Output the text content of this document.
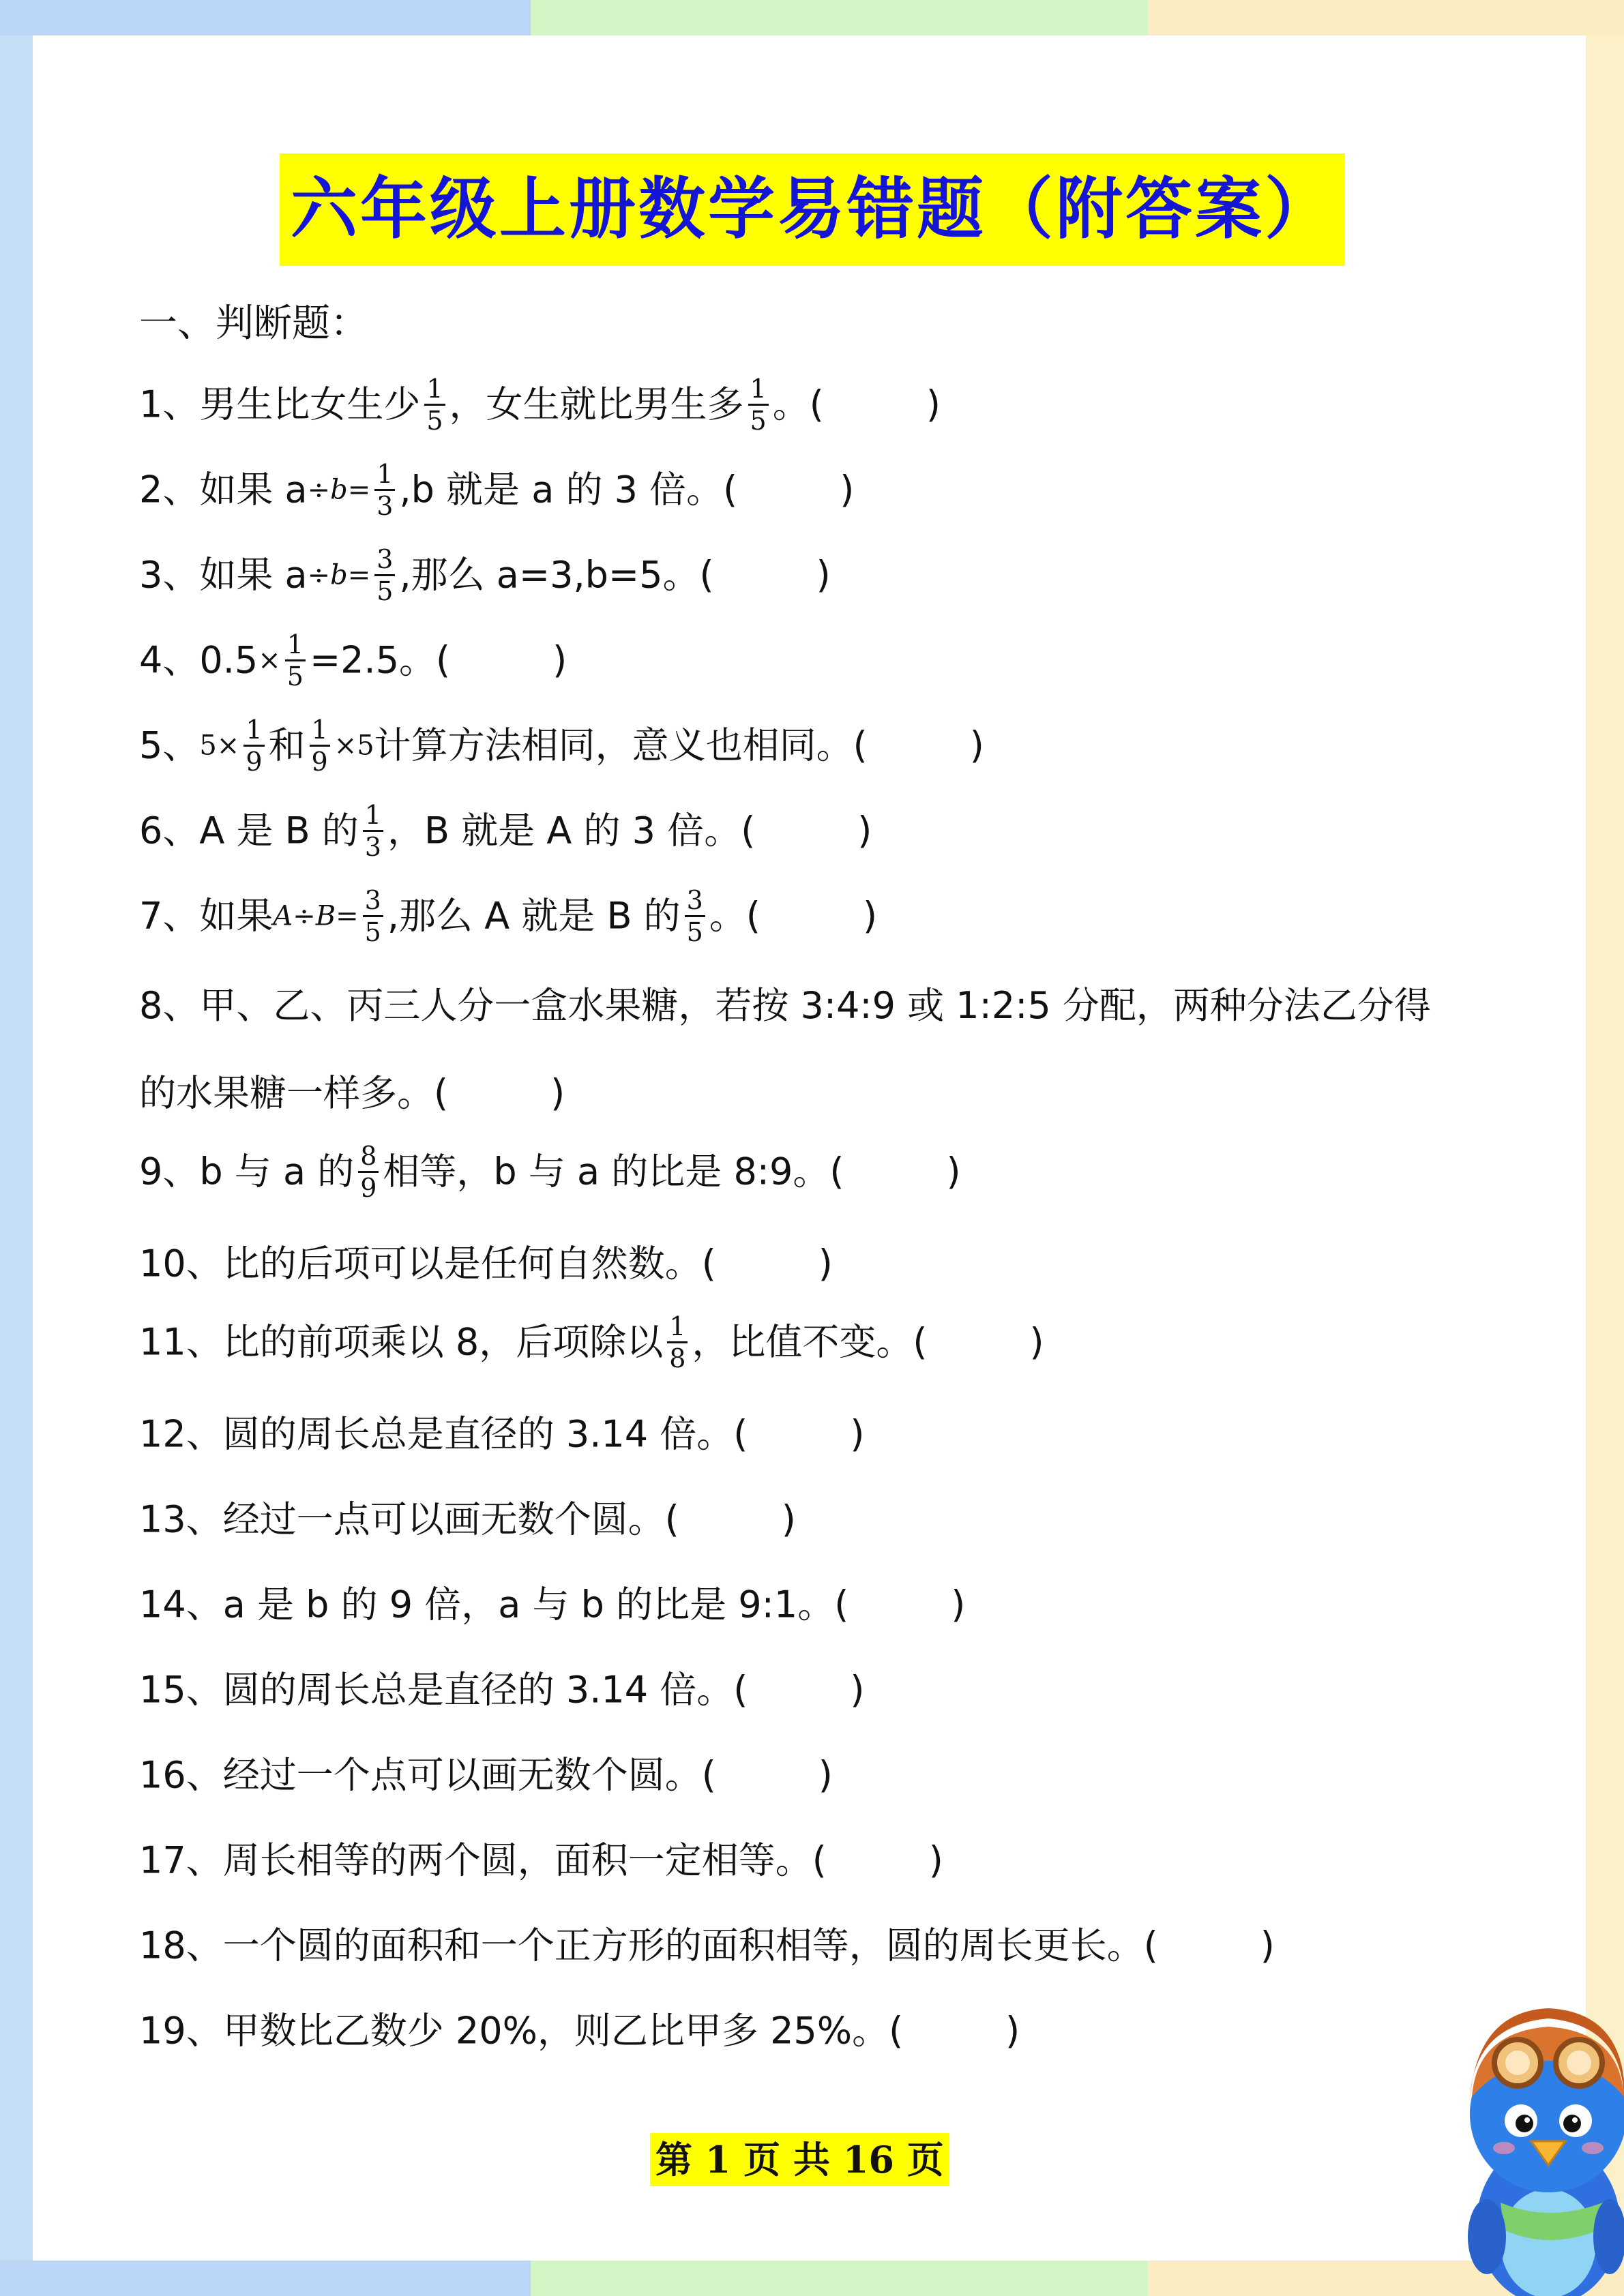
六年级上册数学易错题（附答案）
一、判断题：
1、男生比女生少 $\frac{1}{5}$ ，女生就比男生多 $\frac{1}{5}$ 。(	)
2、如果 $a\div b= \frac{1}{3} ,b$ 就是 a 的 3 倍。(	)
3、如果 $a\div b= \frac{3}{5}$ ,那么 a=3,b=5。(	)
4、$0.5\times \frac{1}{5} =2.5$。(	)
5、$5\times \frac{1}{9}$ 和 $\frac{1}{9} \times 5$计算方法相同，意义也相同。(	)
6、A 是 B 的 $\frac{1}{3}$ ，B 就是 A 的 3 倍。(	)
7、如果$A\div B= \frac{3}{5}$ ,那么 A 就是 B 的 $\frac{3}{5}$ 。(	)
8、甲、乙、丙三人分一盒水果糖，若按 3:4:9 或 1:2:5 分配，两种分法乙分得
的水果糖一样多。(	)
9、b 与 a 的 $\frac{8}{9}$ 相等，b 与 a 的比是 8:9。(	)
10、比的后项可以是任何自然数。(	)
11、比的前项乘以 8，后项除以 $\frac{1}{8}$ ，比值不变。(	)
12、圆的周长总是直径的 3.14 倍。(	)
13、经过一点可以画无数个圆。(	)
14、a 是 b 的 9 倍，a 与 b 的比是 9:1。(	)
15、圆的周长总是直径的 3.14 倍。(	)
16、经过一个点可以画无数个圆。(	)
17、周长相等的两个圆，面积一定相等。(	)
18、一个圆的面积和一个正方形的面积相等，圆的周长更长。(	)
19、甲数比乙数少 20%，则乙比甲多 25%。(	)
第 1 页 共 16 页
